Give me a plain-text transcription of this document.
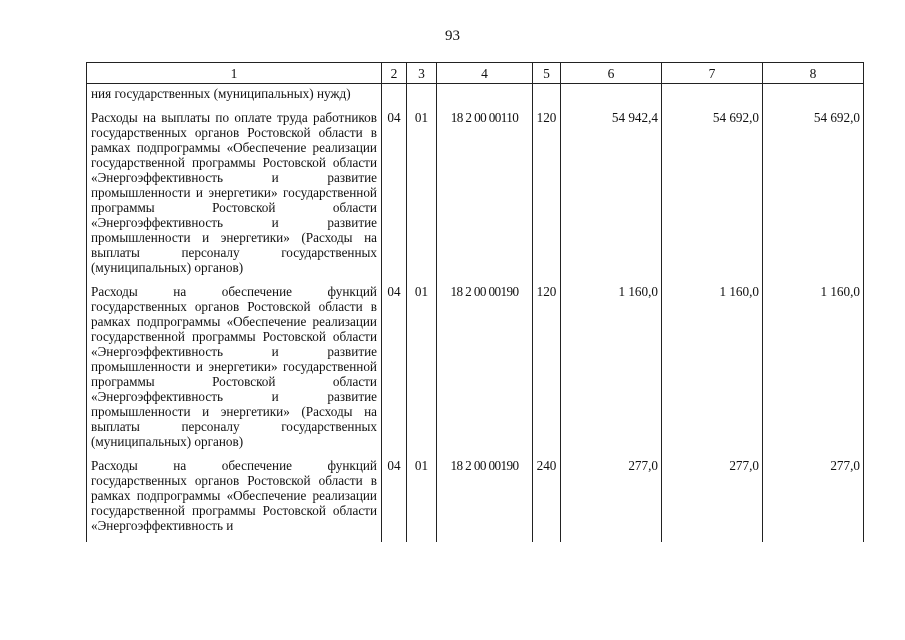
93
1	2	3	4	5	6	7	8
ния государственных (муниципальных) нужд)							
Расходы на выплаты по оплате труда работников государственных органов Ростовской области в рамках подпрограммы «Обеспечение реализации государственной программы Ростовской области «Энергоэффективность и развитие промышленности и энергетики» государственной программы Ростовской области «Энергоэффективность и развитие промышленности и энергетики» (Расходы на выплаты персоналу государственных (муниципальных) органов)	04	01	18 2 00 00110	120	54 942,4	54 692,0	54 692,0
Расходы на обеспечение функций государственных органов Ростовской области в рамках подпрограммы «Обеспечение реализации государственной программы Ростовской области «Энергоэффективность и развитие промышленности и энергетики» государственной программы Ростовской области «Энергоэффективность и развитие промышленности и энергетики» (Расходы на выплаты персоналу государственных (муниципальных) органов)	04	01	18 2 00 00190	120	1 160,0	1 160,0	1 160,0
Расходы на обеспечение функций государственных органов Ростовской области в рамках подпрограммы «Обеспечение реализации государственной программы Ростовской области «Энергоэффективность и	04	01	18 2 00 00190	240	277,0	277,0	277,0
